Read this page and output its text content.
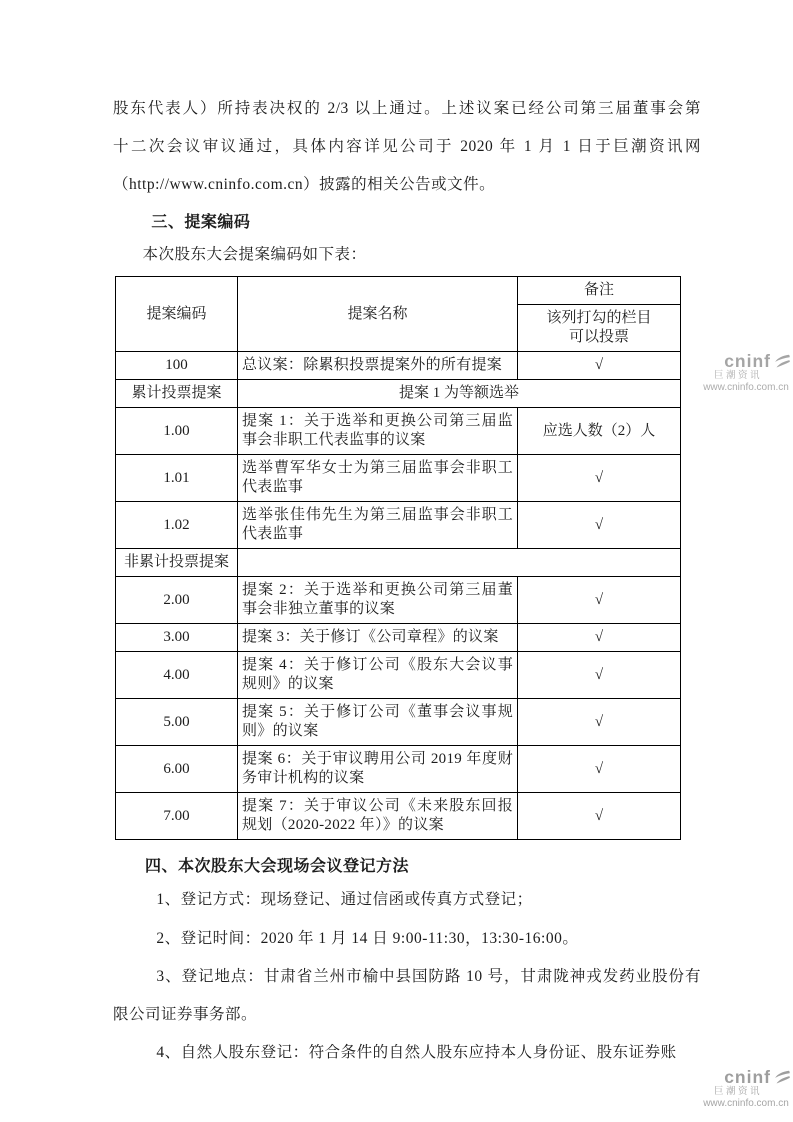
股东代表人）所持表决权的 2/3 以上通过。上述议案已经公司第三届董事会第
十二次会议审议通过，具体内容详见公司于 2020 年 1 月 1 日于巨潮资讯网
（http://www.cninfo.com.cn）披露的相关公告或文件。
三、提案编码
本次股东大会提案编码如下表：
提案编码	提案名称	备注

		该列打勾的栏目
可以投票

100	总议案：除累积投票提案外的所有提案	√
累计投票提案	提案 1 为等额选举	
1.00	提案 1：关于选举和更换公司第三届监事会非职工代表监事的议案	应选人数（2）人
1.01	选举曹军华女士为第三届监事会非职工代表监事	√
1.02	选举张佳伟先生为第三届监事会非职工代表监事	√
非累计投票提案		
2.00	提案 2：关于选举和更换公司第三届董事会非独立董事的议案	√
3.00	提案 3：关于修订《公司章程》的议案	√
4.00	提案 4：关于修订公司《股东大会议事规则》的议案	√
5.00	提案 5：关于修订公司《董事会议事规则》的议案	√
6.00	提案 6：关于审议聘用公司 2019 年度财务审计机构的议案	√
7.00	提案 7：关于审议公司《未来股东回报规划（2020-2022 年）》的议案	√
四、本次股东大会现场会议登记方法
1、登记方式：现场登记、通过信函或传真方式登记；
2、登记时间：2020 年 1 月 14 日 9:00-11:30，13:30-16:00。
3、登记地点：甘肃省兰州市榆中县国防路 10 号，甘肃陇神戎发药业股份有限公司证券事务部。
4、自然人股东登记：符合条件的自然人股东应持本人身份证、股东证券账
cninf
巨潮资讯
www.cninfo.com.cn
cninf
巨潮资讯
www.cninfo.com.cn
